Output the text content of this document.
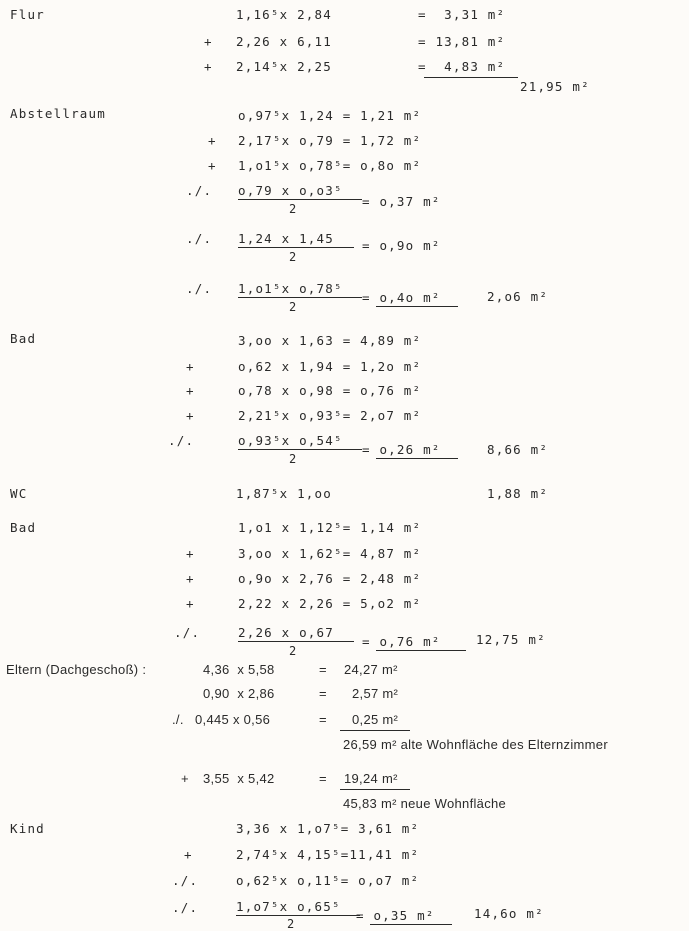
Flur	1,16⁵x 2,84	=  3,31 m²
+ 2,26 x 6,11	= 13,81 m²
+ 2,14⁵x 2,25	=  4,83 m²
21,95 m²
Abstellraum	o,97⁵x 1,24 = 1,21 m²
+ 2,17⁵x o,79 = 1,72 m²
+ 1,o1⁵x o,78⁵= o,8o m²
./. o,79 x o,o3⁵
2	= o,37 m²
./. 1,24 x 1,45
2
= o,9o m²
./. 1,o1⁵x o,78⁵
2
= o,4o m²	2,o6 m²
Bad	3,oo x 1,63 = 4,89 m²
+	o,62 x 1,94 = 1,2o m²
+	o,78 x o,98 = o,76 m²
+	2,21⁵x o,93⁵= 2,o7 m²
./.	o,93⁵x o,54⁵
2
= o,26 m²	8,66 m²
WC	1,87⁵x 1,oo	1,88 m²
Bad	1,o1 x 1,12⁵= 1,14 m²
+	3,oo x 1,62⁵= 4,87 m²
+	o,9o x 2,76 = 2,48 m²
+	2,22 x 2,26 = 5,o2 m²
./.	2,26 x o,67
2
= o,76 m²	12,75 m²
Eltern (Dachgeschoß) :	4,36  x 5,58	= 24,27 m²
0,90  x 2,86	= 2,57 m²
./. 0,445 x 0,56	= 0,25 m²
26,59 m² alte Wohnfläche des Elternzimmer
+ 3,55  x 5,42	= 19,24 m²
45,83 m² neue Wohnfläche
Kind	3,36 x 1,o7⁵= 3,61 m²
+	2,74⁵x 4,15⁵=11,41 m²
./.	o,62⁵x o,11⁵= o,o7 m²
./.	1,o7⁵x o,65⁵
2
= o,35 m²	14,6o m²
